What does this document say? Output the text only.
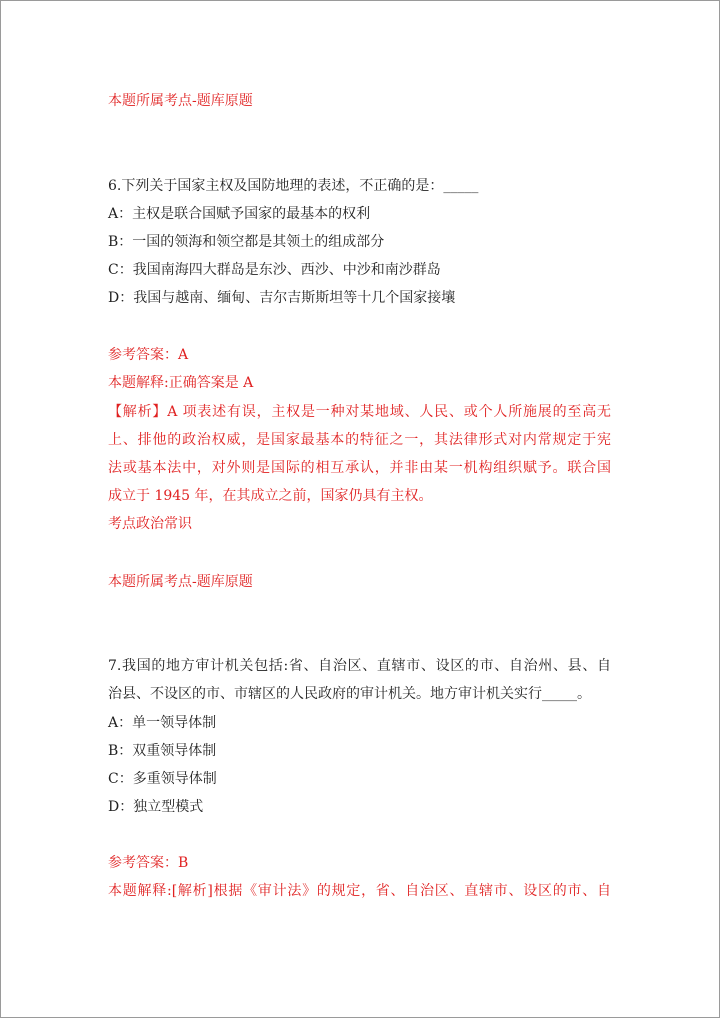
本题所属考点-题库原题
6.下列关于国家主权及国防地理的表述，不正确的是：_____
A：主权是联合国赋予国家的最基本的权利
B：一国的领海和领空都是其领土的组成部分
C：我国南海四大群岛是东沙、西沙、中沙和南沙群岛
D：我国与越南、缅甸、吉尔吉斯斯坦等十几个国家接壤
参考答案：A
本题解释:正确答案是 A
【解析】A 项表述有误，主权是一种对某地域、人民、或个人所施展的至高无
上、排他的政治权威，是国家最基本的特征之一，其法律形式对内常规定于宪
法或基本法中，对外则是国际的相互承认，并非由某一机构组织赋予。联合国
成立于 1945 年，在其成立之前，国家仍具有主权。
考点政治常识
本题所属考点-题库原题
7.我国的地方审计机关包括:省、自治区、直辖市、设区的市、自治州、县、自
治县、不设区的市、市辖区的人民政府的审计机关。地方审计机关实行_____。
A：单一领导体制
B：双重领导体制
C：多重领导体制
D：独立型模式
参考答案：B
本题解释:[解析]根据《审计法》的规定，省、自治区、直辖市、设区的市、自
